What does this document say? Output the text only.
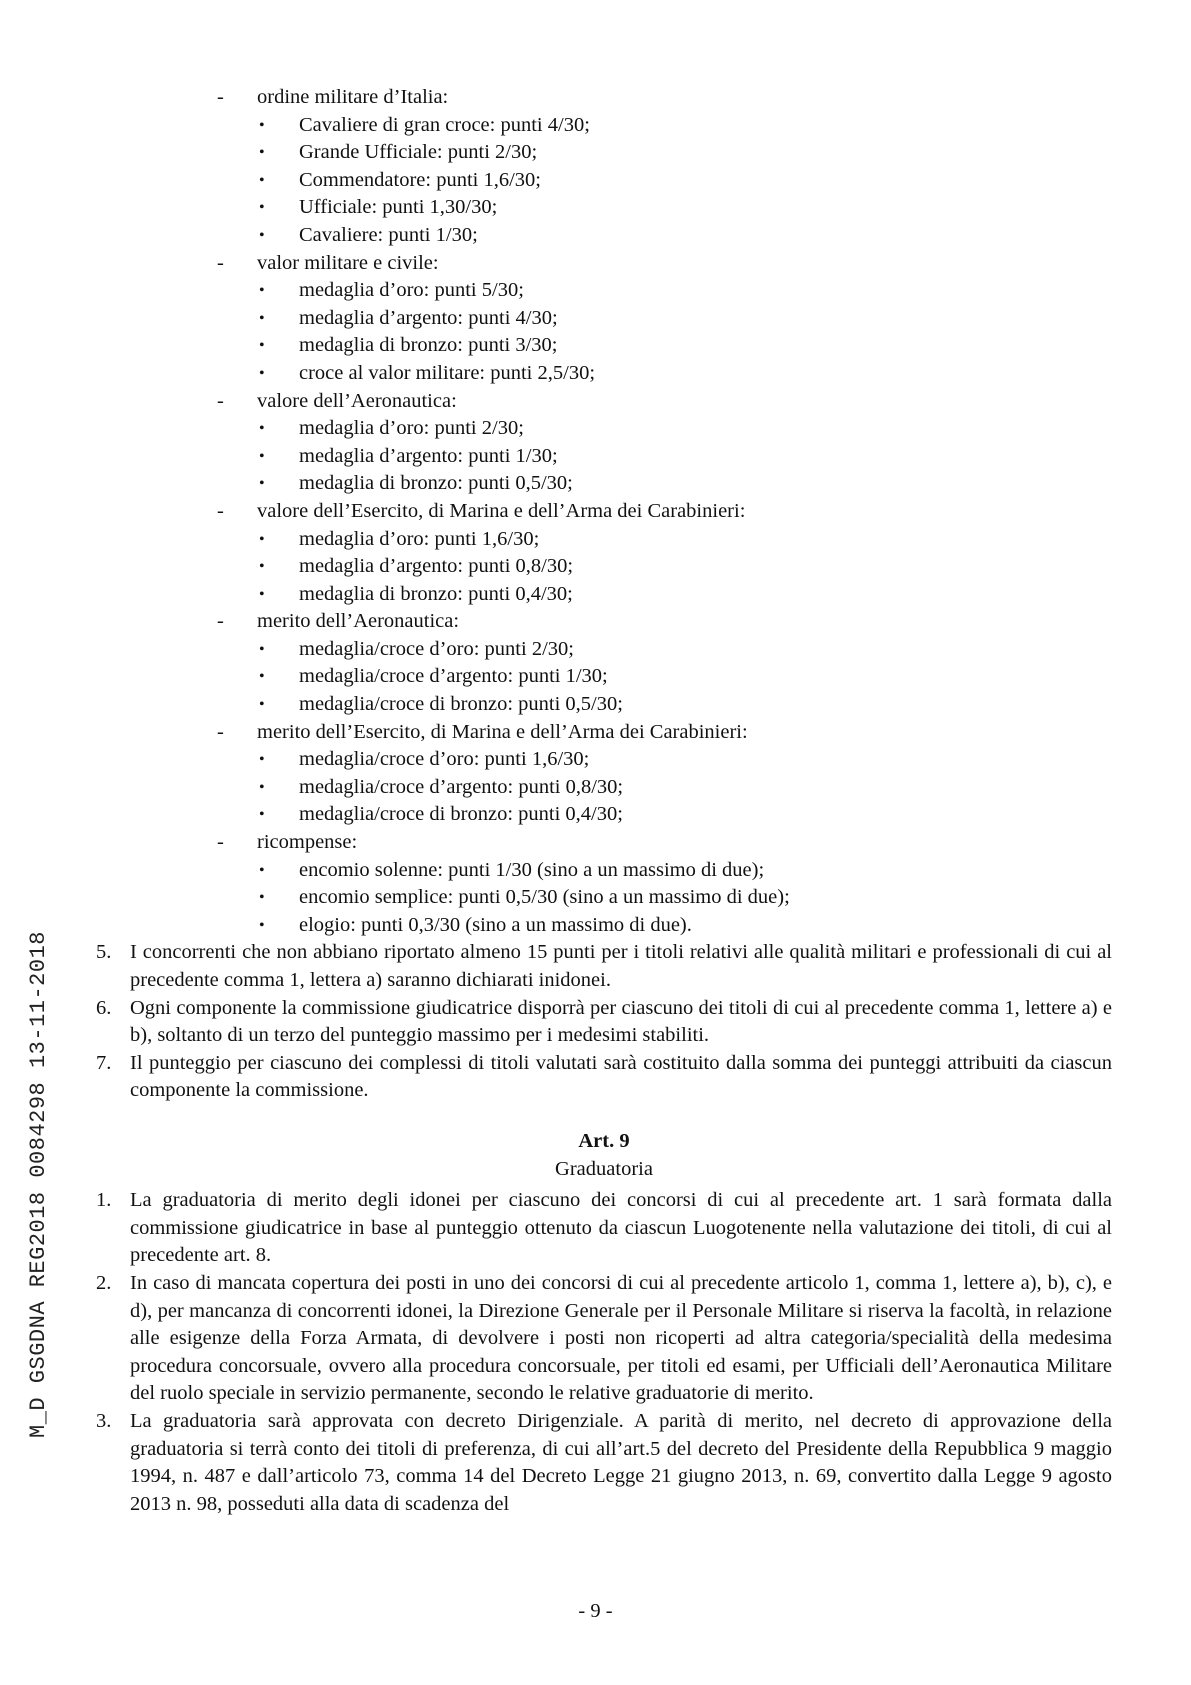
M_D GSGDNA REG2018 0084298 13-11-2018
- ordine militare d’Italia:
• Cavaliere di gran croce: punti 4/30;
• Grande Ufficiale: punti 2/30;
• Commendatore: punti 1,6/30;
• Ufficiale: punti 1,30/30;
• Cavaliere: punti 1/30;
- valor militare e civile:
• medaglia d’oro: punti 5/30;
• medaglia d’argento: punti 4/30;
• medaglia di bronzo: punti 3/30;
• croce al valor militare: punti 2,5/30;
- valore dell’Aeronautica:
• medaglia d’oro: punti 2/30;
• medaglia d’argento: punti 1/30;
• medaglia di bronzo: punti 0,5/30;
- valore dell’Esercito, di Marina e dell’Arma dei Carabinieri:
• medaglia d’oro: punti 1,6/30;
• medaglia d’argento: punti 0,8/30;
• medaglia di bronzo: punti 0,4/30;
- merito dell’Aeronautica:
• medaglia/croce d’oro: punti 2/30;
• medaglia/croce d’argento: punti 1/30;
• medaglia/croce di bronzo: punti 0,5/30;
- merito dell’Esercito, di Marina e dell’Arma dei Carabinieri:
• medaglia/croce d’oro: punti 1,6/30;
• medaglia/croce d’argento: punti 0,8/30;
• medaglia/croce di bronzo: punti 0,4/30;
- ricompense:
• encomio solenne: punti 1/30 (sino a un massimo di due);
• encomio semplice: punti 0,5/30 (sino a un massimo di due);
• elogio: punti 0,3/30 (sino a un massimo di due).
5. I concorrenti che non abbiano riportato almeno 15 punti per i titoli relativi alle qualità militari e professionali di cui al precedente comma 1, lettera a) saranno dichiarati inidonei.
6. Ogni componente la commissione giudicatrice disporrà per ciascuno dei titoli di cui al precedente comma 1, lettere a) e b), soltanto di un terzo del punteggio massimo per i medesimi stabiliti.
7. Il punteggio per ciascuno dei complessi di titoli valutati sarà costituito dalla somma dei punteggi attribuiti da ciascun componente la commissione.
Art. 9
Graduatoria
1. La graduatoria di merito degli idonei per ciascuno dei concorsi di cui al precedente art. 1 sarà formata dalla commissione giudicatrice in base al punteggio ottenuto da ciascun Luogotenente nella valutazione dei titoli, di cui al precedente art. 8.
2. In caso di mancata copertura dei posti in uno dei concorsi di cui al precedente articolo 1, comma 1, lettere a), b), c), e d), per mancanza di concorrenti idonei, la Direzione Generale per il Personale Militare si riserva la facoltà, in relazione alle esigenze della Forza Armata, di devolvere i posti non ricoperti ad altra categoria/specialità della medesima procedura concorsuale, ovvero alla procedura concorsuale, per titoli ed esami, per Ufficiali dell’Aeronautica Militare del ruolo speciale in servizio permanente, secondo le relative graduatorie di merito.
3. La graduatoria sarà approvata con decreto Dirigenziale. A parità di merito, nel decreto di approvazione della graduatoria si terrà conto dei titoli di preferenza, di cui all’art.5 del decreto del Presidente della Repubblica 9 maggio 1994, n. 487 e dall’articolo 73, comma 14 del Decreto Legge 21 giugno 2013, n. 69, convertito dalla Legge 9 agosto 2013 n. 98, posseduti alla data di scadenza del
- 9 -
